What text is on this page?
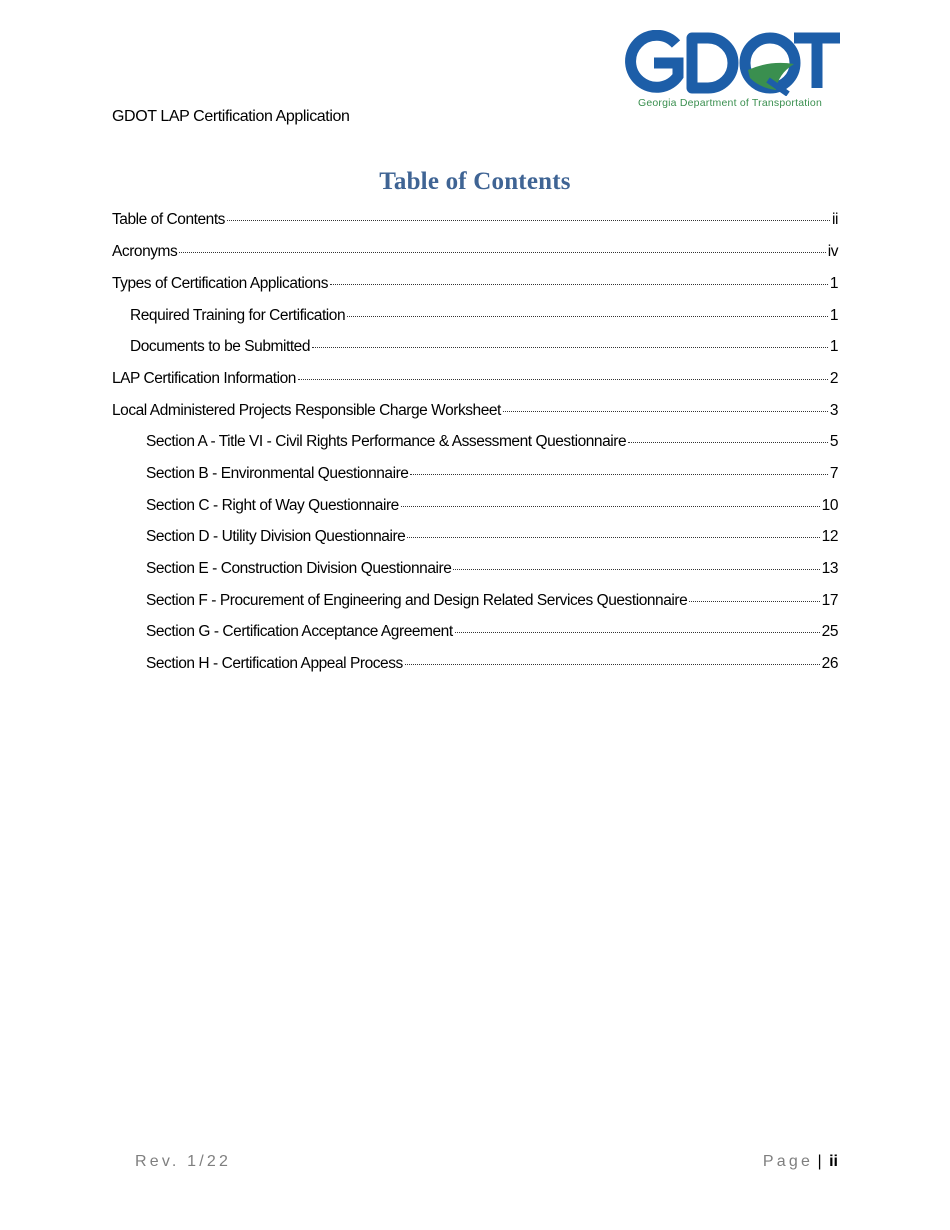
Georgia Department of Transportation
GDOT LAP Certification Application
Table of Contents
Table of Contents	ii
Acronyms	iv
Types of Certification Applications	1
Required Training for Certification	1
Documents to be Submitted	1
LAP Certification Information	2
Local Administered Projects Responsible Charge Worksheet	3
Section A - Title VI - Civil Rights Performance & Assessment Questionnaire	5
Section B - Environmental Questionnaire	7
Section C - Right of Way Questionnaire	10
Section D - Utility Division Questionnaire	12
Section E - Construction Division Questionnaire	13
Section F - Procurement of Engineering and Design Related Services Questionnaire	17
Section G - Certification Acceptance Agreement	25
Section H - Certification Appeal Process	26
Rev. 1/22	Page | ii
